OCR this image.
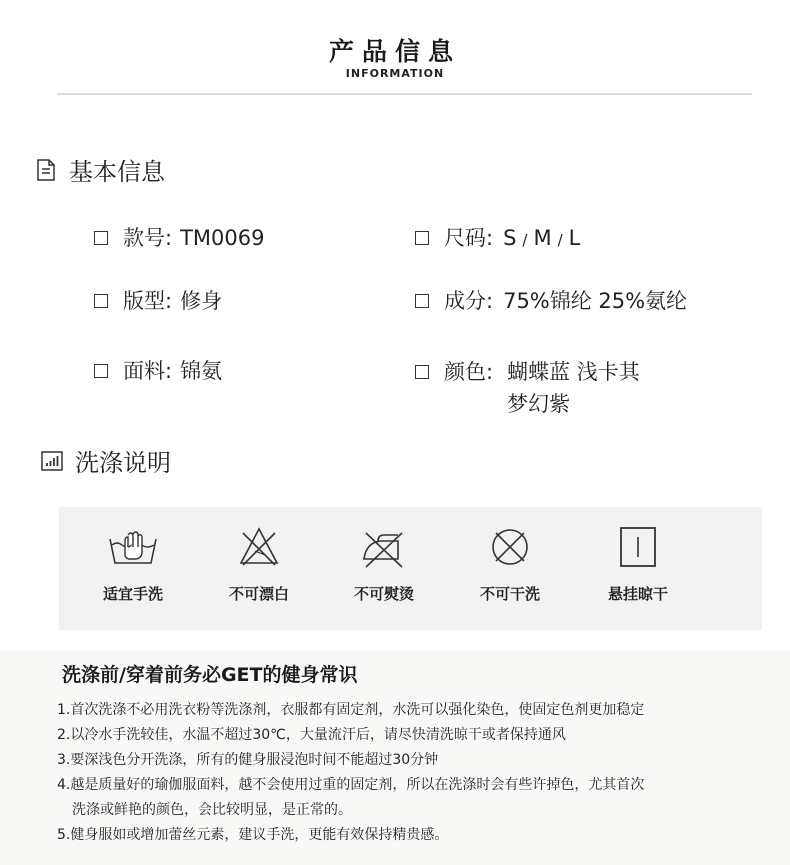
产品信息
INFORMATION
基本信息
款号: TM0069	尺码: S / M / L
版型: 修身	成分: 75%锦纶 25%氨纶
面料: 锦氨	颜色: 蝴蝶蓝 浅卡其
梦幻紫
洗涤说明
适宜手洗	不可漂白	不可熨烫	不可干洗	悬挂晾干
洗涤前/穿着前务必GET的健身常识
1.首次洗涤不必用洗衣粉等洗涤剂，衣服都有固定剂，水洗可以强化染色，使固定色剂更加稳定
2.以冷水手洗较佳，水温不超过30℃，大量流汗后，请尽快清洗晾干或者保持通风
3.要深浅色分开洗涤，所有的健身服浸泡时间不能超过30分钟
4.越是质量好的瑜伽服面料，越不会使用过重的固定剂，所以在洗涤时会有些许掉色，尤其首次
洗涤或鲜艳的颜色，会比较明显，是正常的。
5.健身服如或增加蕾丝元素，建议手洗，更能有效保持精贵感。
